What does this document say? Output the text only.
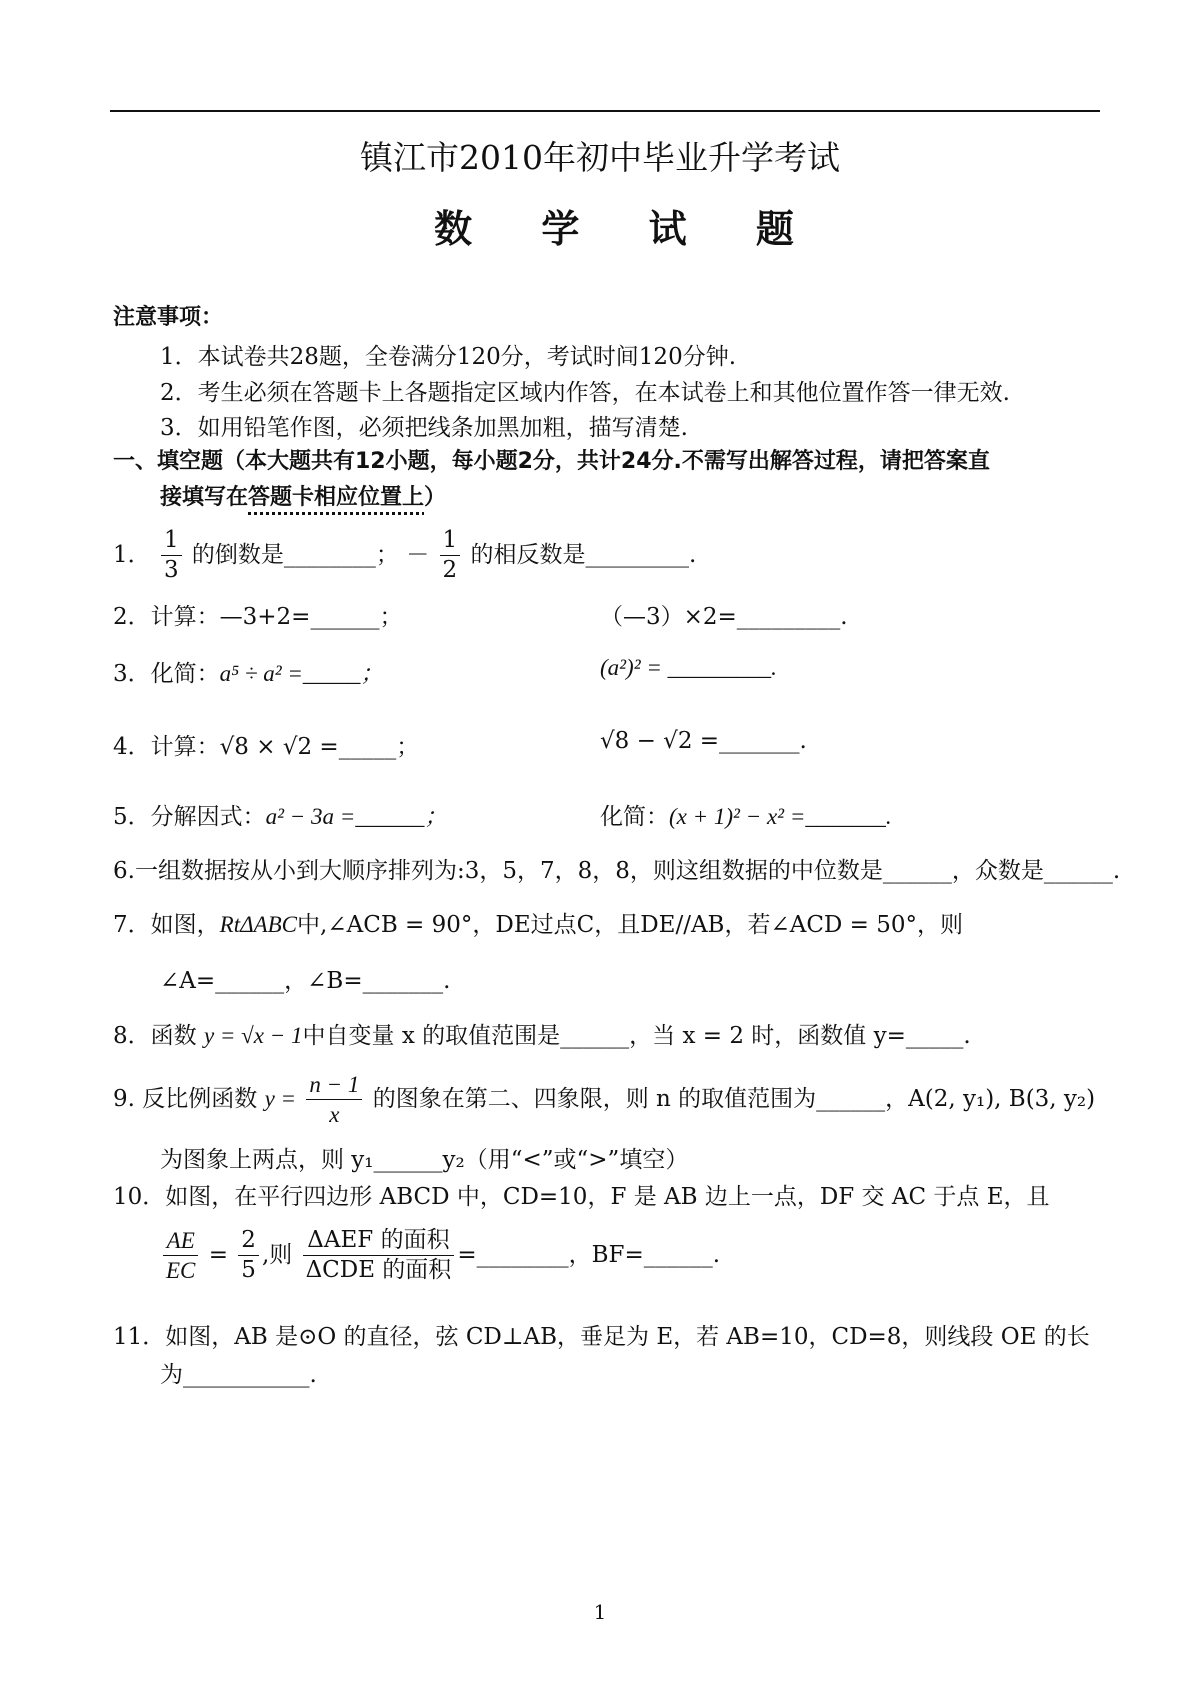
镇江市2010年初中毕业升学考试
数 学 试 题
注意事项：
1．本试卷共28题，全卷满分120分，考试时间120分钟.
2．考生必须在答题卡上各题指定区域内作答，在本试卷上和其他位置作答一律无效.
3．如用铅笔作图，必须把线条加黑加粗，描写清楚.
一、填空题（本大题共有12小题，每小题2分，共计24分.不需写出解答过程，请把答案直
接填写在答题卡相应位置上）
1． $\frac{1}{3}$ 的倒数是________； － $\frac{1}{2}$ 的相反数是_________.
2．计算：—3+2=______；	（—3）×2=_________.
3．化简：a⁵ ÷ a² =_____；	(a²)² = _________.
4．计算：√8 × √2 =_____；	√8 − √2 =_______.
5．分解因式：a² − 3a =______；	化简：(x + 1)² − x² =_______.
6.一组数据按从小到大顺序排列为:3，5，7，8，8，则这组数据的中位数是______，众数是______.
7．如图，RtΔABC中,∠ACB = 90°，DE过点C，且DE//AB，若∠ACD = 50°，则
∠A=______，∠B=_______.
8．函数 y = √x − 1中自变量 x 的取值范围是______，当 x = 2 时，函数值 y=_____.
9. 反比例函数 $y = \frac{n - 1}{x}$ 的图象在第二、四象限，则 n 的取值范围为______，A(2, y₁), B(3, y₂)
为图象上两点，则 y₁______y₂（用“<”或“>”填空）
10．如图，在平行四边形 ABCD 中，CD=10，F 是 AB 边上一点，DF 交 AC 于点 E，且
$\frac{AE}{EC} = \frac{2}{5}$ ,则 $\frac{\text{ΔAEF 的面积}}{\text{ΔCDE 的面积}}$ =________，BF=______.
11．如图，AB 是⊙O 的直径，弦 CD⊥AB，垂足为 E，若 AB=10，CD=8，则线段 OE 的长
为___________.
1
